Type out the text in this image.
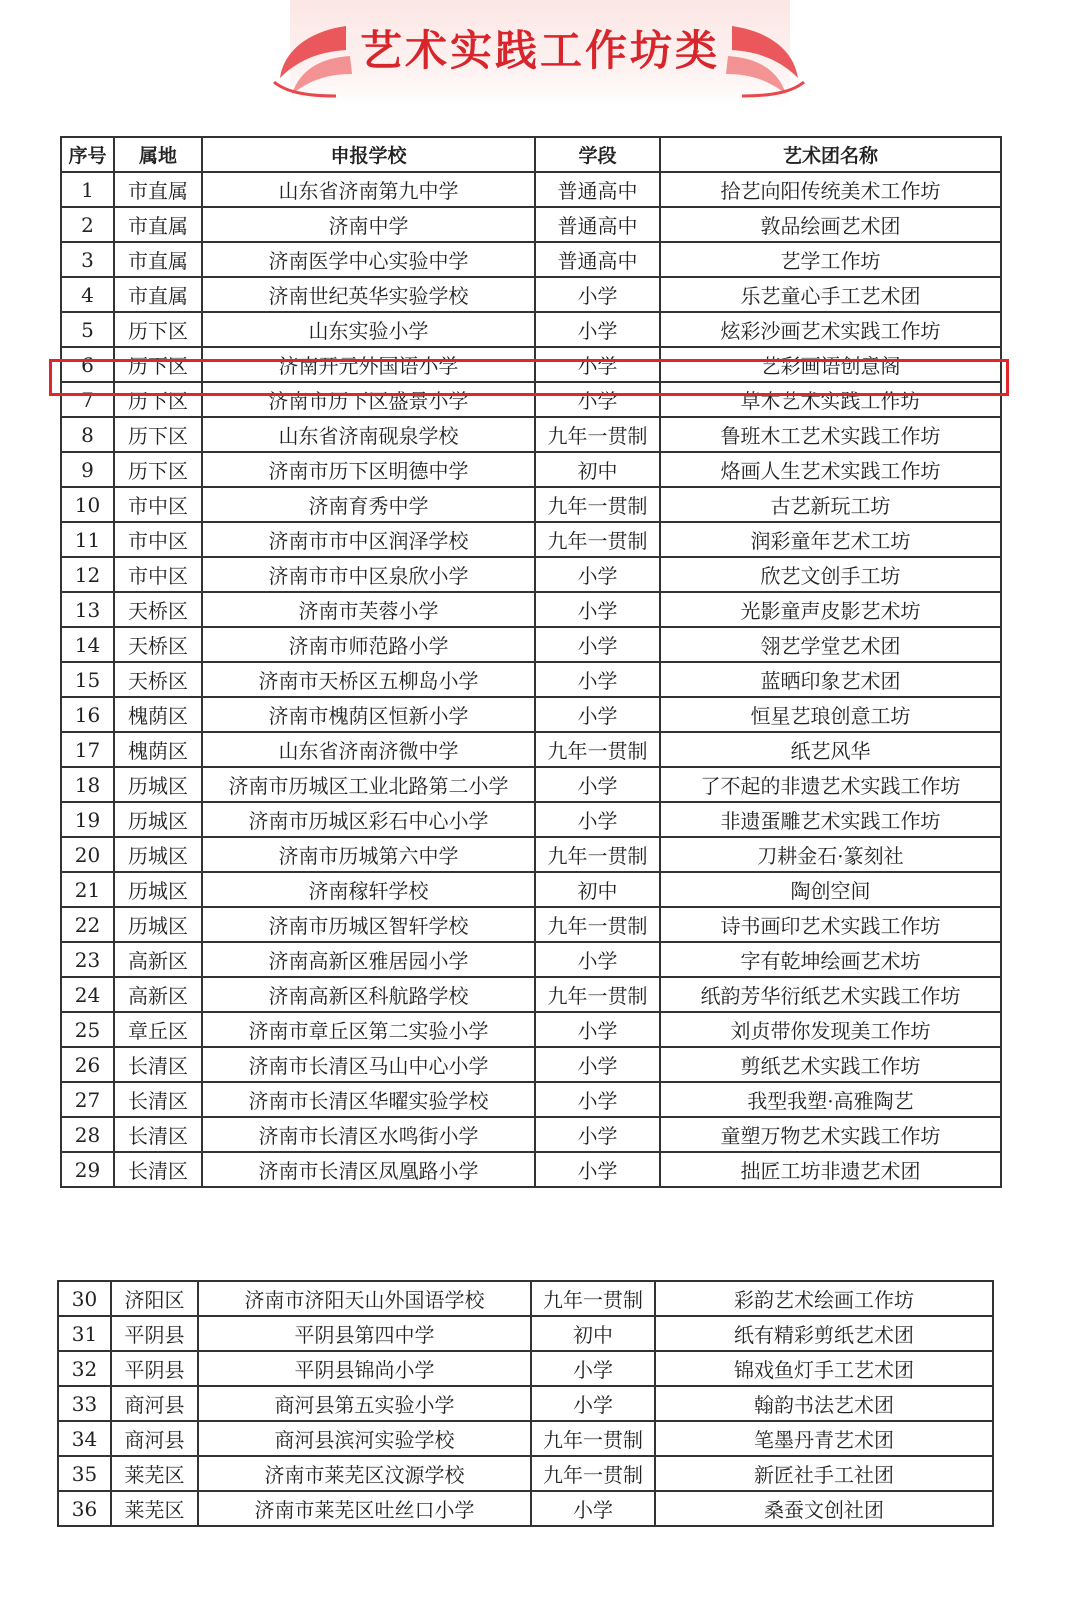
艺术实践工作坊类
序号	属地	申报学校	学段	艺术团名称
1	市直属	山东省济南第九中学	普通高中	拾艺向阳传统美术工作坊
2	市直属	济南中学	普通高中	敦品绘画艺术团
3	市直属	济南医学中心实验中学	普通高中	艺学工作坊
4	市直属	济南世纪英华实验学校	小学	乐艺童心手工艺术团
5	历下区	山东实验小学	小学	炫彩沙画艺术实践工作坊
6	历下区	济南开元外国语小学	小学	艺彩画语创意阁
7	历下区	济南市历下区盛景小学	小学	草木艺术实践工作坊
8	历下区	山东省济南砚泉学校	九年一贯制	鲁班木工艺术实践工作坊
9	历下区	济南市历下区明德中学	初中	烙画人生艺术实践工作坊
10	市中区	济南育秀中学	九年一贯制	古艺新玩工坊
11	市中区	济南市市中区润泽学校	九年一贯制	润彩童年艺术工坊
12	市中区	济南市市中区泉欣小学	小学	欣艺文创手工坊
13	天桥区	济南市芙蓉小学	小学	光影童声皮影艺术坊
14	天桥区	济南市师范路小学	小学	翎艺学堂艺术团
15	天桥区	济南市天桥区五柳岛小学	小学	蓝晒印象艺术团
16	槐荫区	济南市槐荫区恒新小学	小学	恒星艺琅创意工坊
17	槐荫区	山东省济南济微中学	九年一贯制	纸艺风华
18	历城区	济南市历城区工业北路第二小学	小学	了不起的非遗艺术实践工作坊
19	历城区	济南市历城区彩石中心小学	小学	非遗蛋雕艺术实践工作坊
20	历城区	济南市历城第六中学	九年一贯制	刀耕金石·篆刻社
21	历城区	济南稼轩学校	初中	陶创空间
22	历城区	济南市历城区智轩学校	九年一贯制	诗书画印艺术实践工作坊
23	高新区	济南高新区雅居园小学	小学	字有乾坤绘画艺术坊
24	高新区	济南高新区科航路学校	九年一贯制	纸韵芳华衍纸艺术实践工作坊
25	章丘区	济南市章丘区第二实验小学	小学	刘贞带你发现美工作坊
26	长清区	济南市长清区马山中心小学	小学	剪纸艺术实践工作坊
27	长清区	济南市长清区华曜实验学校	小学	我型我塑·高雅陶艺
28	长清区	济南市长清区水鸣街小学	小学	童塑万物艺术实践工作坊
29	长清区	济南市长清区凤凰路小学	小学	拙匠工坊非遗艺术团
30	济阳区	济南市济阳天山外国语学校	九年一贯制	彩韵艺术绘画工作坊
31	平阴县	平阴县第四中学	初中	纸有精彩剪纸艺术团
32	平阴县	平阴县锦尚小学	小学	锦戏鱼灯手工艺术团
33	商河县	商河县第五实验小学	小学	翰韵书法艺术团
34	商河县	商河县滨河实验学校	九年一贯制	笔墨丹青艺术团
35	莱芜区	济南市莱芜区汶源学校	九年一贯制	新匠社手工社团
36	莱芜区	济南市莱芜区吐丝口小学	小学	桑蚕文创社团
